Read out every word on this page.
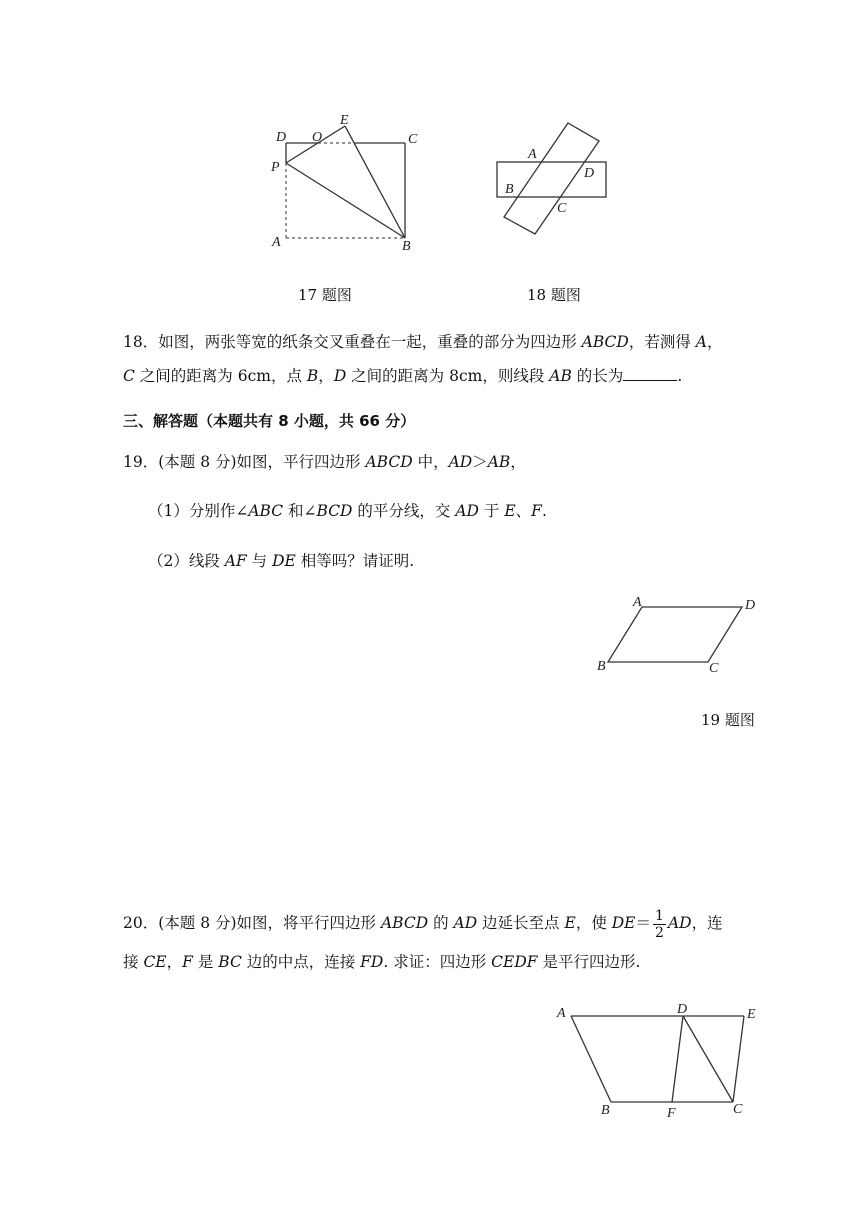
D O
E
C
P
A	B
17 题图
A
B
C
D
18 题图
18．如图，两张等宽的纸条交叉重叠在一起，重叠的部分为四边形 ABCD，若测得 A，
C 之间的距离为 6cm，点 B，D 之间的距离为 8cm，则线段 AB 的长为	.
三、解答题（本题共有 8 小题，共 66 分）
19．(本题 8 分)如图，平行四边形 ABCD 中，AD＞AB，
（1）分别作∠ABC 和∠BCD 的平分线，交 AD 于 E、F.
（2）线段 AF 与 DE 相等吗？请证明.
A	D
B	C
19 题图
20．(本题 8 分)如图，将平行四边形 ABCD 的 AD 边延长至点 E，使 $DE= \frac{1}{2}$ AD，连
接 CE，F 是 BC 边的中点，连接 FD. 求证：四边形 CEDF 是平行四边形.
A	D	E
B	F	C
